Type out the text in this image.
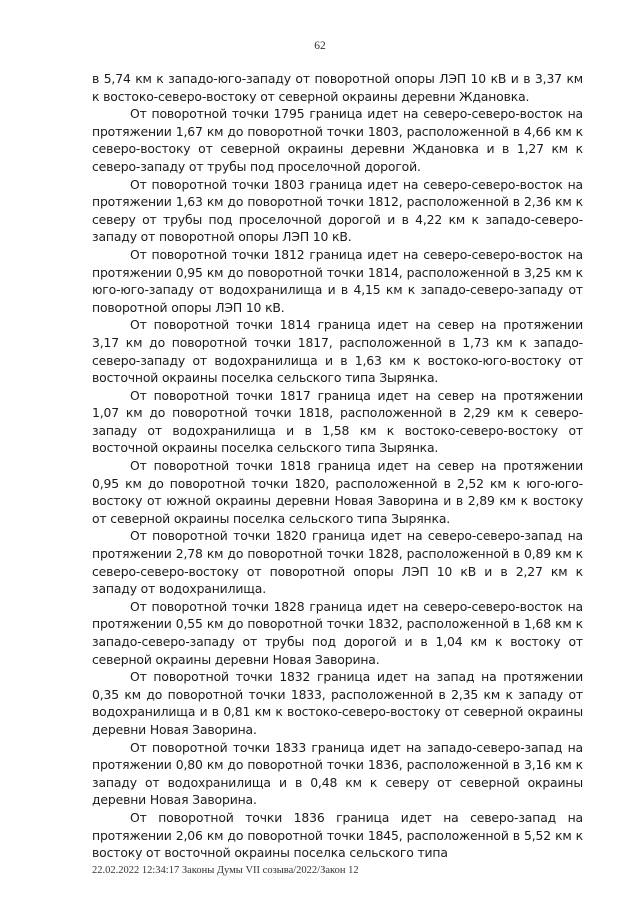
62

в 5,74 км к западо-юго-западу от поворотной опоры ЛЭП 10 кВ и в 3,37 км к востоко-северо-востоку от северной окраины деревни Ждановка.

От поворотной точки 1795 граница идет на северо-северо-восток на протяжении 1,67 км до поворотной точки 1803, расположенной в 4,66 км к северо-востоку от северной окраины деревни Ждановка и в 1,27 км к северо-западу от трубы под проселочной дорогой.

От поворотной точки 1803 граница идет на северо-северо-восток на протяжении 1,63 км до поворотной точки 1812, расположенной в 2,36 км к северу от трубы под проселочной дорогой и в 4,22 км к западо-северо-западу от поворотной опоры ЛЭП 10 кВ.

От поворотной точки 1812 граница идет на северо-северо-восток на протяжении 0,95 км до поворотной точки 1814, расположенной в 3,25 км к юго-юго-западу от водохранилища и в 4,15 км к западо-северо-западу от поворотной опоры ЛЭП 10 кВ.

От поворотной точки 1814 граница идет на север на протяжении 3,17 км до поворотной точки 1817, расположенной в 1,73 км к западо-северо-западу от водохранилища и в 1,63 км к востоко-юго-востоку от восточной окраины поселка сельского типа Зырянка.

От поворотной точки 1817 граница идет на север на протяжении 1,07 км до поворотной точки 1818, расположенной в 2,29 км к северо-западу от водохранилища и в 1,58 км к востоко-северо-востоку от восточной окраины поселка сельского типа Зырянка.

От поворотной точки 1818 граница идет на север на протяжении 0,95 км до поворотной точки 1820, расположенной в 2,52 км к юго-юго-востоку от южной окраины деревни Новая Заворина и в 2,89 км к востоку от северной окраины поселка сельского типа Зырянка.

От поворотной точки 1820 граница идет на северо-северо-запад на протяжении 2,78 км до поворотной точки 1828, расположенной в 0,89 км к северо-северо-востоку от поворотной опоры ЛЭП 10 кВ и в 2,27 км к западу от водохранилища.

От поворотной точки 1828 граница идет на северо-северо-восток на протяжении 0,55 км до поворотной точки 1832, расположенной в 1,68 км к западо-северо-западу от трубы под дорогой и в 1,04 км к востоку от северной окраины деревни Новая Заворина.

От поворотной точки 1832 граница идет на запад на протяжении 0,35 км до поворотной точки 1833, расположенной в 2,35 км к западу от водохранилища и в 0,81 км к востоко-северо-востоку от северной окраины деревни Новая Заворина.

От поворотной точки 1833 граница идет на западо-северо-запад на протяжении 0,80 км до поворотной точки 1836, расположенной в 3,16 км к западу от водохранилища и в 0,48 км к северу от северной окраины деревни Новая Заворина.

От поворотной точки 1836 граница идет на северо-запад на протяжении 2,06 км до поворотной точки 1845, расположенной в 5,52 км к востоку от восточной окраины поселка сельского типа

22.02.2022 12:34:17 Законы Думы VII созыва/2022/Закон 12
